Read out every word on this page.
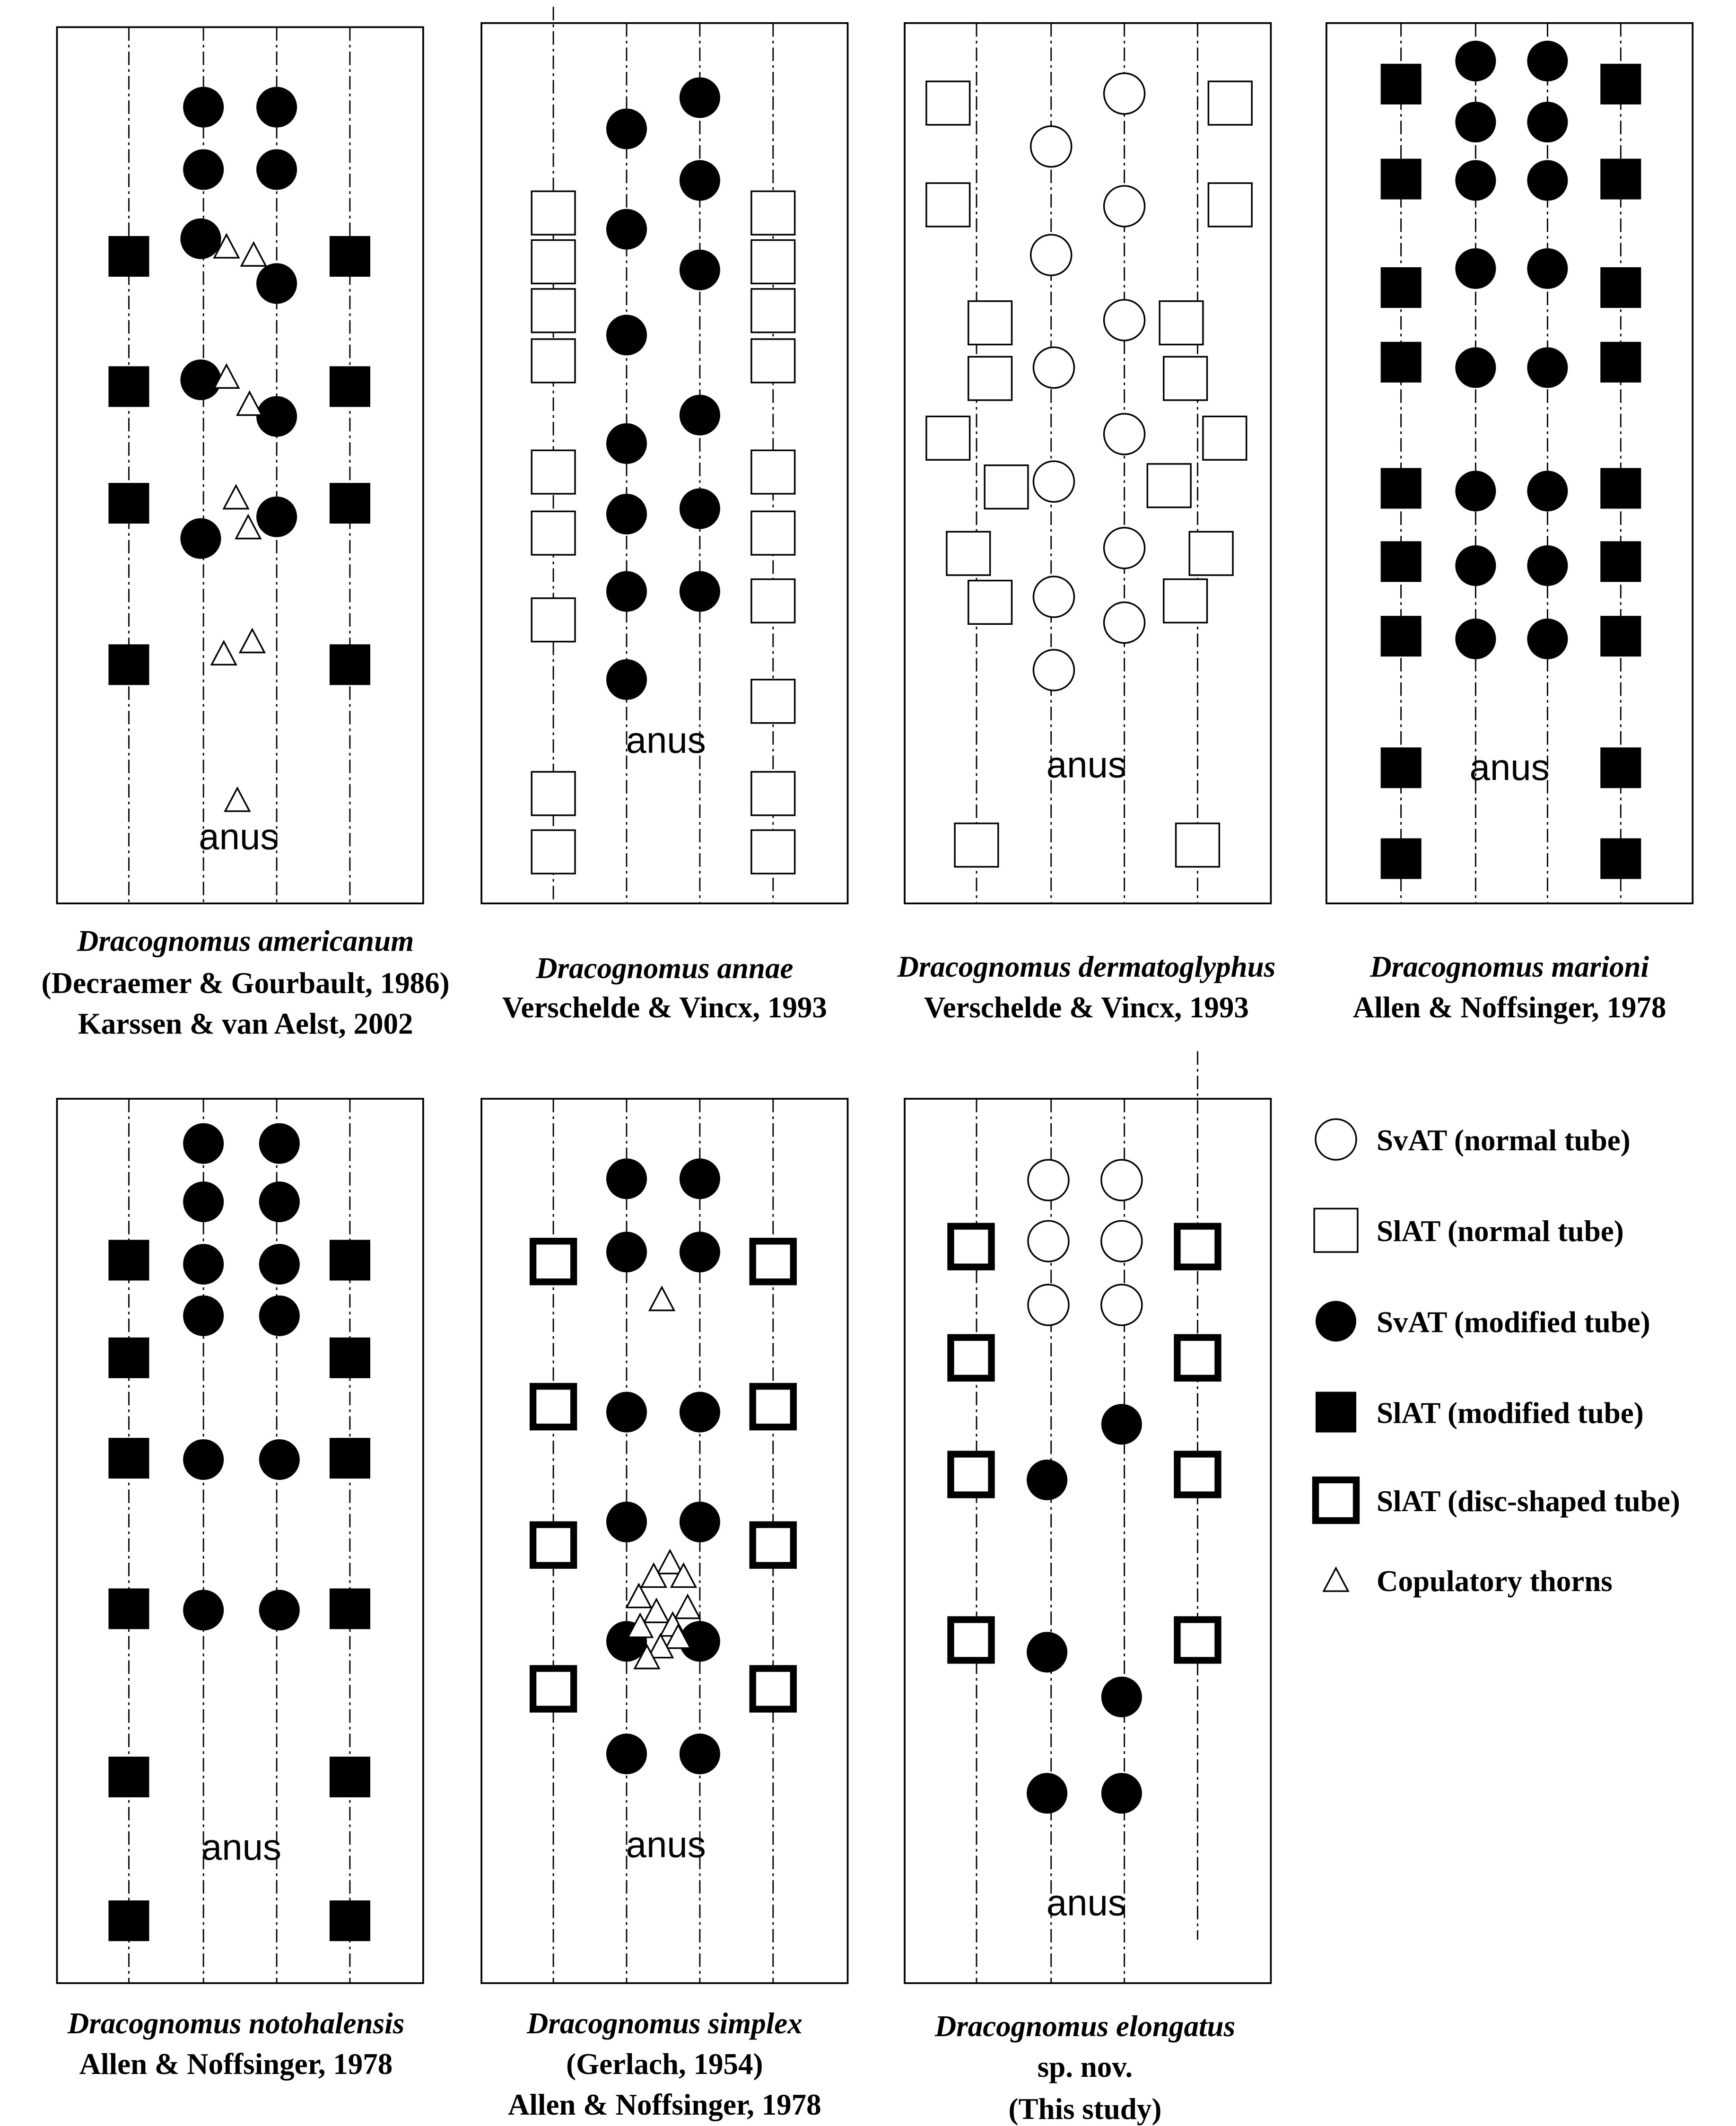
anus
Dracognomus americanum
(Decraemer & Gourbault, 1986)
Karssen & van Aelst, 2002
anus
Dracognomus annae
Verschelde & Vincx, 1993
anus
Dracognomus dermatoglyphus
Verschelde & Vincx, 1993
anus
Dracognomus marioni
Allen & Noffsinger, 1978
anus
Dracognomus notohalensis
Allen & Noffsinger, 1978
anus
Dracognomus simplex
(Gerlach, 1954)
Allen & Noffsinger, 1978
anus
Dracognomus elongatus
sp. nov.
(This study)
SvAT (normal tube)
SlAT (normal tube)
SvAT (modified tube)
SlAT (modified tube)
SlAT (disc-shaped tube)
Copulatory thorns
